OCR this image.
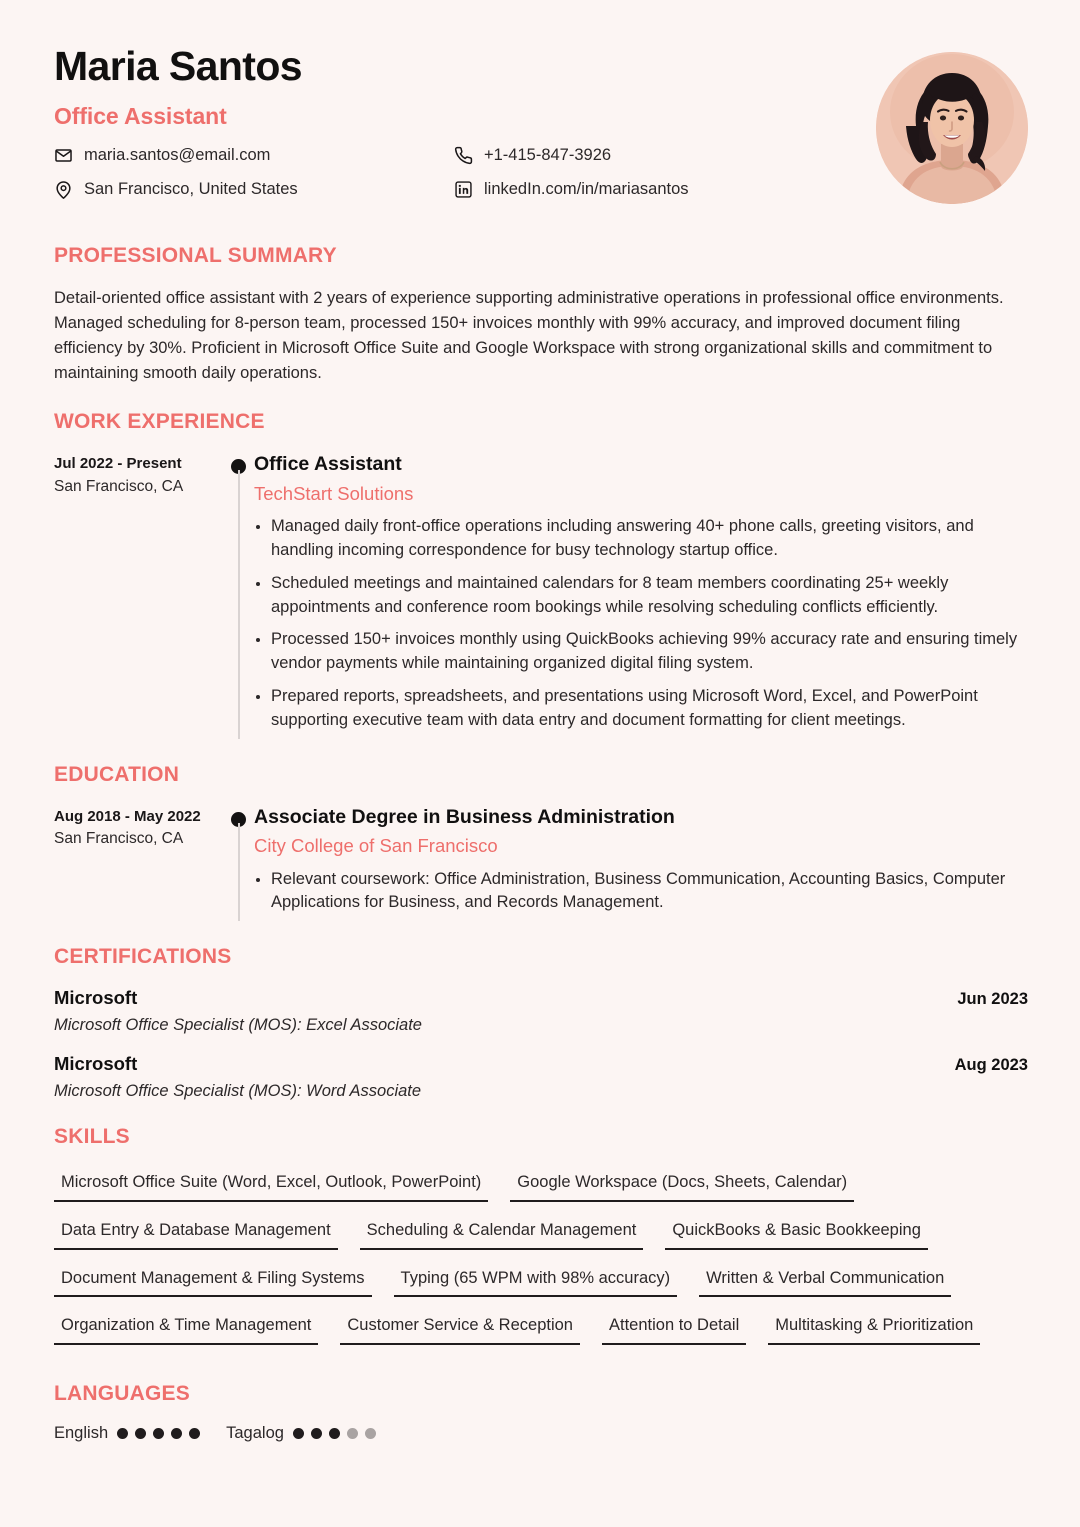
Maria Santos
Office Assistant
maria.santos@email.com	+1-415-847-3926
San Francisco, United States	linkedIn.com/in/mariasantos
PROFESSIONAL SUMMARY
Detail-oriented office assistant with 2 years of experience supporting administrative operations in professional office environments. Managed scheduling for 8-person team, processed 150+ invoices monthly with 99% accuracy, and improved document filing efficiency by 30%. Proficient in Microsoft Office Suite and Google Workspace with strong organizational skills and commitment to maintaining smooth daily operations.
WORK EXPERIENCE
Jul 2022 - Present
San Francisco, CA
Office Assistant
TechStart Solutions
Managed daily front-office operations including answering 40+ phone calls, greeting visitors, and handling incoming correspondence for busy technology startup office.
Scheduled meetings and maintained calendars for 8 team members coordinating 25+ weekly appointments and conference room bookings while resolving scheduling conflicts efficiently.
Processed 150+ invoices monthly using QuickBooks achieving 99% accuracy rate and ensuring timely vendor payments while maintaining organized digital filing system.
Prepared reports, spreadsheets, and presentations using Microsoft Word, Excel, and PowerPoint supporting executive team with data entry and document formatting for client meetings.
EDUCATION
Aug 2018 - May 2022
San Francisco, CA
Associate Degree in Business Administration
City College of San Francisco
Relevant coursework: Office Administration, Business Communication, Accounting Basics, Computer Applications for Business, and Records Management.
CERTIFICATIONS
Microsoft	Jun 2023
Microsoft Office Specialist (MOS): Excel Associate
Microsoft	Aug 2023
Microsoft Office Specialist (MOS): Word Associate
SKILLS
Microsoft Office Suite (Word, Excel, Outlook, PowerPoint)	Google Workspace (Docs, Sheets, Calendar)
Data Entry & Database Management	Scheduling & Calendar Management	QuickBooks & Basic Bookkeeping
Document Management & Filing Systems	Typing (65 WPM with 98% accuracy)	Written & Verbal Communication
Organization & Time Management	Customer Service & Reception	Attention to Detail	Multitasking & Prioritization
LANGUAGES
English	Tagalog
